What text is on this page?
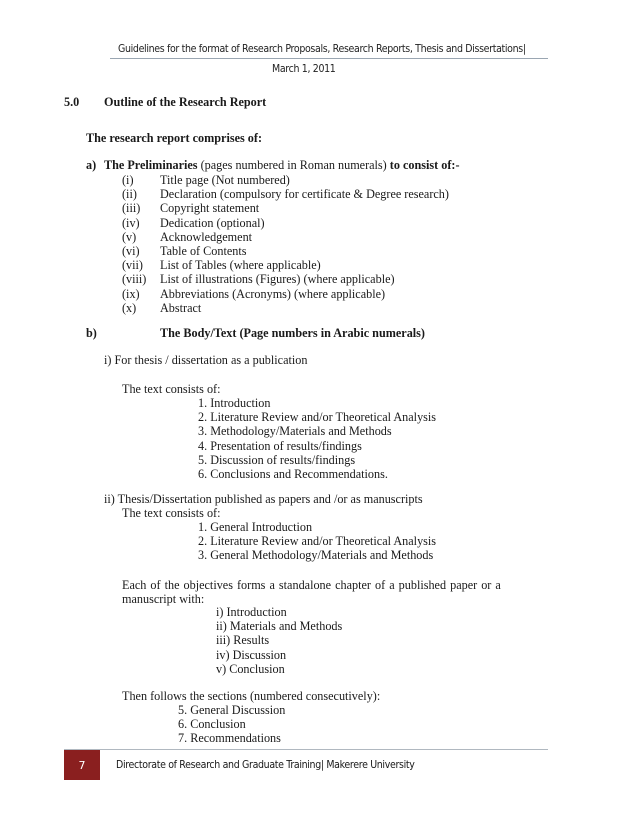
Guidelines for the format of Research Proposals, Research Reports, Thesis and Dissertations|
March 1, 2011
5.0 Outline of the Research Report
The research report comprises of:
a) The Preliminaries (pages numbered in Roman numerals) to consist of:-
(i) Title page (Not numbered)
(ii) Declaration (compulsory for certificate & Degree research)
(iii) Copyright statement
(iv) Dedication (optional)
(v) Acknowledgement
(vi) Table of Contents
(vii) List of Tables (where applicable)
(viii) List of illustrations (Figures) (where applicable)
(ix) Abbreviations (Acronyms) (where applicable)
(x) Abstract
b)	The Body/Text (Page numbers in Arabic numerals)
i) For thesis / dissertation as a publication
The text consists of:
1. Introduction
2. Literature Review and/or Theoretical Analysis
3. Methodology/Materials and Methods
4. Presentation of results/findings
5. Discussion of results/findings
6. Conclusions and Recommendations.
ii) Thesis/Dissertation published as papers and /or as manuscripts
The text consists of:
1. General Introduction
2. Literature Review and/or Theoretical Analysis
3. General Methodology/Materials and Methods
Each of the objectives forms a standalone chapter of a published paper or a
manuscript with:
i) Introduction
ii) Materials and Methods
iii) Results
iv) Discussion
v) Conclusion
Then follows the sections (numbered consecutively):
5. General Discussion
6. Conclusion
7. Recommendations
7	Directorate of Research and Graduate Training| Makerere University
